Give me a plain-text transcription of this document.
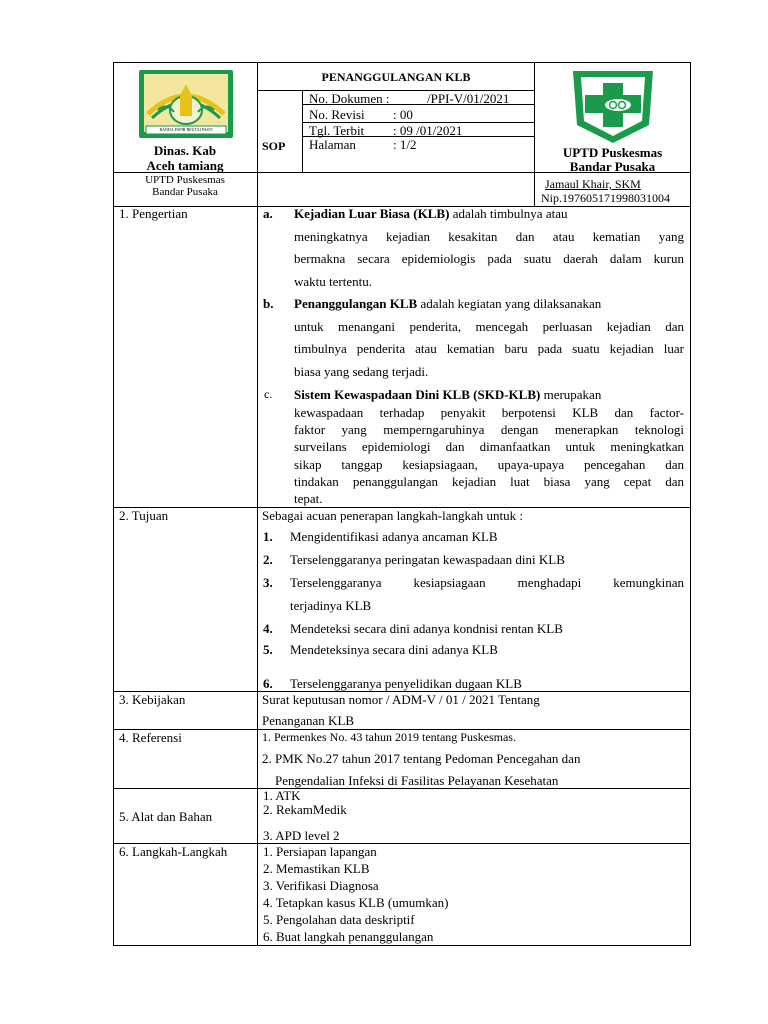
BANDA PAPIR BEUTAI PASTI
Dinas. Kab
Aceh tamiang
PENANGGULANGAN KLB
SOP
No. Dokumen :	/PPI-V/01/2021
No. Revisi : 00
Tgl. Terbit : 09 /01/2021
Halaman	: 1/2
UPTD Puskesmas
Bandar Pusaka
UPTD Puskesmas
Bandar Pusaka
Jamaul Khair, SKM
Nip.197605171998031004
1. Pengertian	a. Kejadian Luar Biasa (KLB) adalah timbulnya atau
meningkatnya kejadian kesakitan dan atau kematian yang
bermakna secara epidemiologis pada suatu daerah dalam kurun
waktu tertentu.
b. Penanggulangan KLB adalah kegiatan yang dilaksanakan
untuk menangani penderita, mencegah perluasan kejadian dan
timbulnya penderita atau kematian baru pada suatu kejadian luar
biasa yang sedang terjadi.
c. Sistem Kewaspadaan Dini KLB (SKD-KLB) merupakan
kewaspadaan terhadap penyakit berpotensi KLB dan factor-
faktor yang memperngaruhinya dengan menerapkan teknologi
surveilans epidemiologi dan dimanfaatkan untuk meningkatkan
sikap tanggap kesiapsiagaan, upaya-upaya pencegahan dan
tindakan penanggulangan kejadian luat biasa yang cepat dan
tepat.
2. Tujuan	Sebagai acuan penerapan langkah-langkah untuk :
1. Mengidentifikasi adanya ancaman KLB
2. Terselenggaranya peringatan kewaspadaan dini KLB
3. Terselenggaranya kesiapsiagaan menghadapi kemungkinan
terjadinya KLB
4. Mendeteksi secara dini adanya kondnisi rentan KLB
5. Mendeteksinya secara dini adanya KLB
6. Terselenggaranya penyelidikan dugaan KLB
3. Kebijakan	Surat keputusan nomor / ADM-V / 01 / 2021 Tentang
Penanganan KLB
4. Referensi	1. Permenkes No. 43 tahun 2019 tentang Puskesmas.
2. PMK No.27 tahun 2017 tentang Pedoman Pencegahan dan
Pengendalian Infeksi di Fasilitas Pelayanan Kesehatan
5. Alat dan Bahan
1. ATK
2. RekamMedik
3. APD level 2
6. Langkah-Langkah	1. Persiapan lapangan
2. Memastikan KLB
3. Verifikasi Diagnosa
4. Tetapkan kasus KLB (umumkan)
5. Pengolahan data deskriptif
6. Buat langkah penanggulangan
